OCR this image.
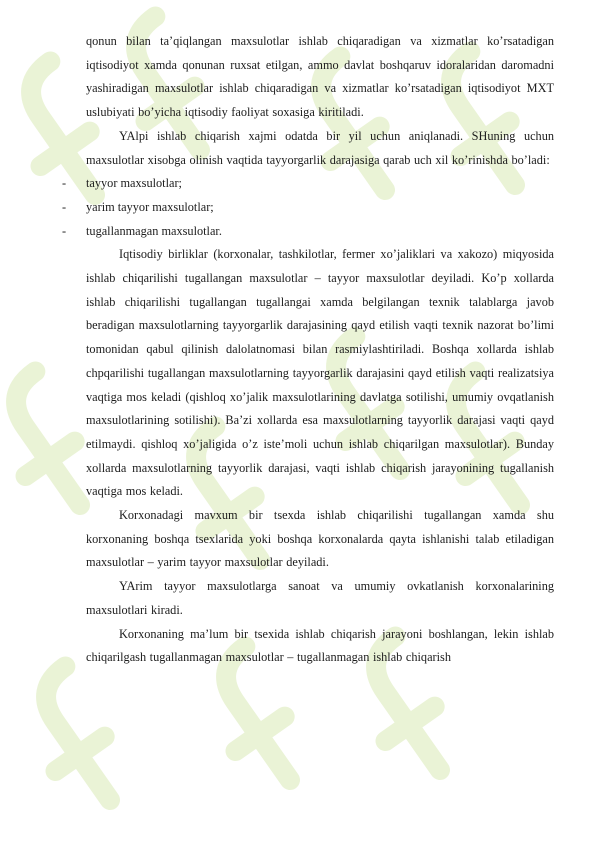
qonun bilan ta’qiqlangan maxsulotlar ishlab chiqaradigan va xizmatlar ko’rsatadigan iqtisodiyot xamda qonunan ruxsat etilgan, ammo davlat boshqaruv idoralaridan daromadni yashiradigan maxsulotlar ishlab chiqaradigan va xizmatlar ko’rsatadigan iqtisodiyot MXT uslubiyati bo’yicha iqtisodiy faoliyat soxasiga kiritiladi.

YAlpi ishlab chiqarish xajmi odatda bir yil uchun aniqlanadi. SHuning uchun maxsulotlar xisobga olinish vaqtida tayyorgarlik darajasiga qarab uch xil ko’rinishda bo’ladi:

- tayyor maxsulotlar;
- yarim tayyor maxsulotlar;
- tugallanmagan maxsulotlar.

Iqtisodiy birliklar (korxonalar, tashkilotlar, fermer xo’jaliklari va xakozo) miqyosida ishlab chiqarilishi tugallangan maxsulotlar – tayyor maxsulotlar deyiladi. Ko’p xollarda ishlab chiqarilishi tugallangan tugallangai xamda belgilangan texnik talablarga javob beradigan maxsulotlarning tayyorgarlik darajasining qayd etilish vaqti texnik nazorat bo’limi tomonidan qabul qilinish dalolatnomasi bilan rasmiylashtiriladi. Boshqa xollarda ishlab chpqarilishi tugallangan maxsulotlarning tayyorgarlik darajasini qayd etilish vaqti realizatsiya vaqtiga mos keladi (qishloq xo’jalik maxsulotlarining davlatga sotilishi, umumiy ovqatlanish maxsulotlarining sotilishi). Ba’zi xollarda esa maxsulotlarning tayyorlik darajasi vaqti qayd etilmaydi. qishloq xo’jaligida o’z iste’moli uchun ishlab chiqarilgan maxsulotlar). Bunday xollarda maxsulotlarning tayyorlik darajasi, vaqti ishlab chiqarish jarayonining tugallanish vaqtiga mos keladi.

Korxonadagi mavxum bir tsexda ishlab chiqarilishi tugallangan xamda shu korxonaning boshqa tsexlarida yoki boshqa korxonalarda qayta ishlanishi talab etiladigan maxsulotlar – yarim tayyor maxsulotlar deyiladi.

YArim tayyor maxsulotlarga sanoat va umumiy ovkatlanish korxonalarining maxsulotlari kiradi.

Korxonaning ma’lum bir tsexida ishlab chiqarish jarayoni boshlangan, lekin ishlab chiqarilgash tugallanmagan maxsulotlar – tugallanmagan ishlab chiqarish
